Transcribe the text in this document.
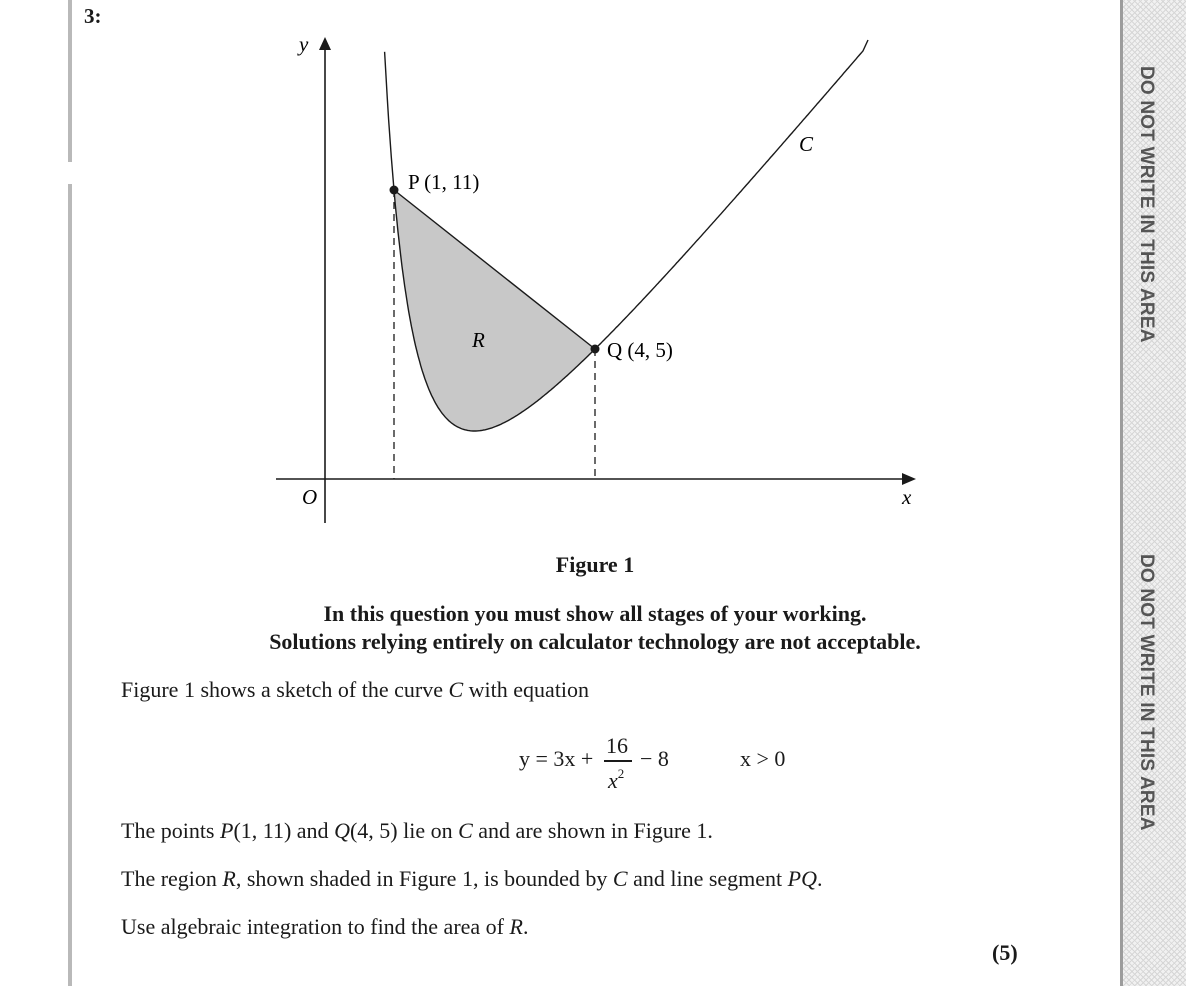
3:
y
x
O
C
R
P (1, 11)
Q (4, 5)
Figure 1
In this question you must show all stages of your working.
Solutions relying entirely on calculator technology are not acceptable.
Figure 1 shows a sketch of the curve C with equation
y = 3x +
16
$x^2$
− 8	x > 0
The points P(1, 11) and Q(4, 5) lie on C and are shown in Figure 1.
The region R, shown shaded in Figure 1, is bounded by C and line segment PQ.
Use algebraic integration to find the area of R.
(5)
DO NOT WRITE IN THIS AREA
DO NOT WRITE IN THIS AREA
